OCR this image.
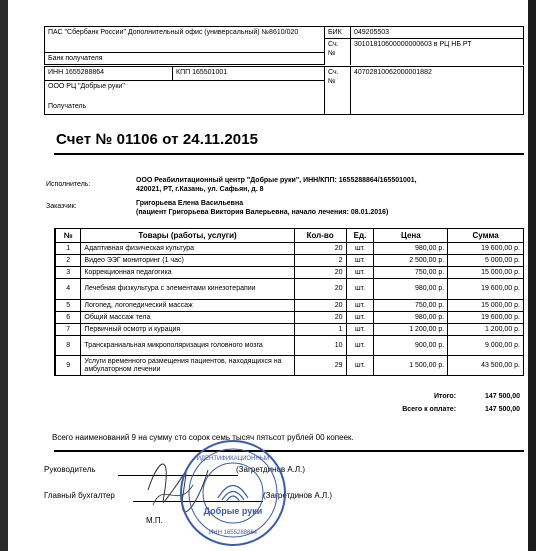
ПАС "Сбербанк России" Дополнительный офис (универсальный) №8610/020	БИК	049205503
	Сч. №	30101810600000000603 в РЦ НБ РТ
Банк получателя		
ИНН 1655288864	КПП 165501001	Сч. №	40702810062000001882
ООО РЦ "Добрые руки"
Получатель
Счет № 01106 от 24.11.2015
Исполнитель:
ООО Реабилитационный центр "Добрые руки", ИНН/КПП: 1655288864/165501001,
420021, РТ, г.Казань, ул. Сафьян, д. 8
Заказчик:	Григорьева Елена Васильевна
(пациент Григорьева Виктория Валерьевна, начало лечения: 08.01.2016)
№	Товары (работы, услуги)	Кол-во	Ед.	Цена	Сумма
1	Адаптивная физическая культура	20	шт.	980,00 р.	19 600,00 р.
2	Видео ЭЭГ мониторинг (1 час)	2	шт.	2 500,00 р.	5 000,00 р.
3	Коррекционная педагогика	20	шт.	750,00 р.	15 000,00 р.
4	Лечебная физкультура с элементами кинезотерапии	20	шт.	980,00 р.	19 600,00 р.
5	Логопед, логопедический массаж	20	шт.	750,00 р.	15 000,00 р.
6	Общий массаж тела	20	шт.	980,00 р.	19 600,00 р.
7	Первичный осмотр и курация	1	шт.	1 200,00 р.	1 200,00 р.
8	Транскраниальная микрополяризация головного мозга	10	шт.	900,00 р.	9 000,00 р.
9	Услуги временного размещения пациентов, находящихся на амбулаторном лечении	29	шт.	1 500,00 р.	43 500,00 р.
Итого:	147 500,00
Всего к оплате:	147 500,00
Всего наименований 9 на сумму сто сорок семь тысяч пятьсот рублей 00 копеек.
Руководитель	(Загретдинов А.Л.)
Главный бухгалтер	(Загретдинов А.Л.)
М.П.
Добрые руки
ИДЕНТИФИКАЦИОННЫЙ
ИНН 1655288864
